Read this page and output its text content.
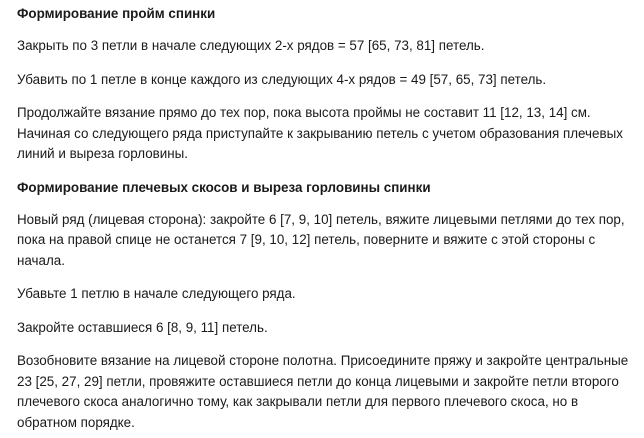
Формирование пройм спинки

Закрыть по 3 петли в начале следующих 2-х рядов = 57 [65, 73, 81] петель.

Убавить по 1 петле в конце каждого из следующих 4-х рядов = 49 [57, 65, 73] петель.

Продолжайте вязание прямо до тех пор, пока высота проймы не составит 11 [12, 13, 14] см. Начиная со следующего ряда приступайте к закрыванию петель с учетом образования плечевых линий и выреза горловины.

Формирование плечевых скосов и выреза горловины спинки

Новый ряд (лицевая сторона): закройте 6 [7, 9, 10] петель, вяжите лицевыми петлями до тех пор, пока на правой спице не останется 7 [9, 10, 12] петель, поверните и вяжите с этой стороны с начала.

Убавьте 1 петлю в начале следующего ряда.

Закройте оставшиеся 6 [8, 9, 11] петель.

Возобновите вязание на лицевой стороне полотна. Присоедините пряжу и закройте центральные 23 [25, 27, 29] петли, провяжите оставшиеся петли до конца лицевыми и закройте петли второго плечевого скоса аналогично тому, как закрывали петли для первого плечевого скоса, но в обратном порядке.
